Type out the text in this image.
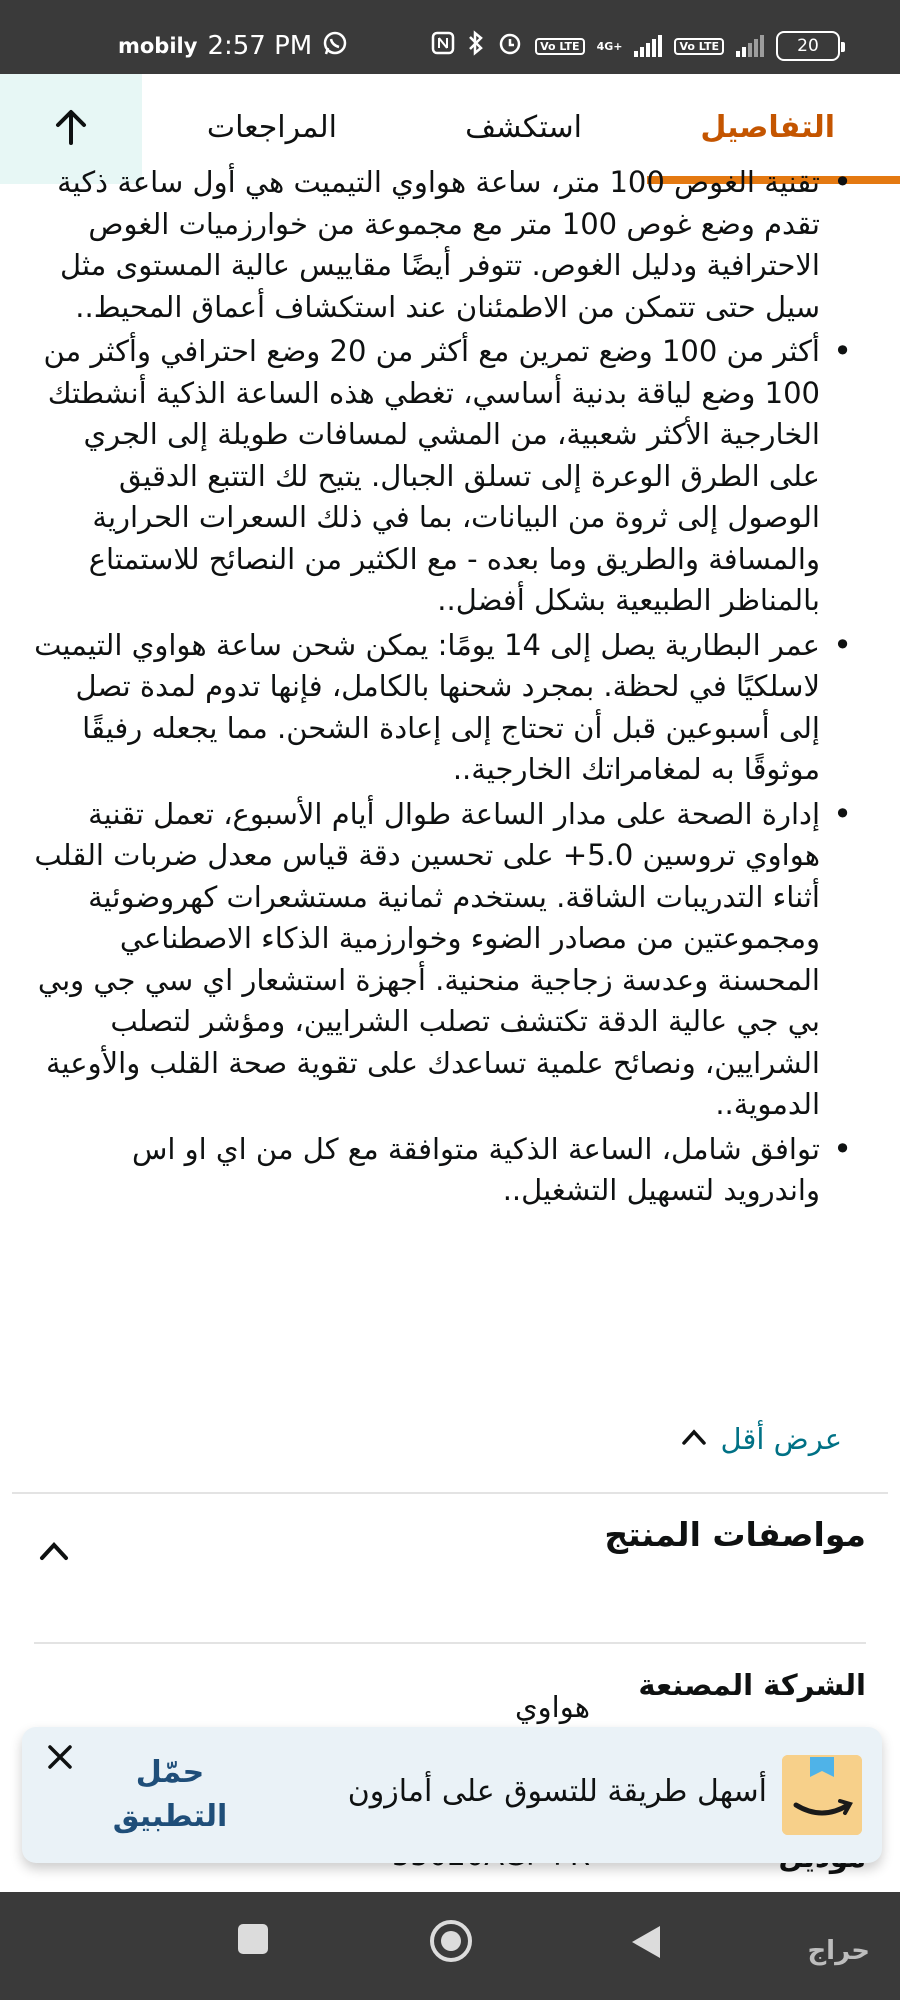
mobily 2:57 PM	Vo LTE	4G+	Vo LTE	20
التفاصيل
استكشف
المراجعات
• تقنية الغوص 100 متر، ساعة هواوي التيميت هي أول ساعة ذكية تقدم وضع غوص 100 متر مع مجموعة من خوارزميات الغوص الاحترافية ودليل الغوص. تتوفر أيضًا مقاييس عالية المستوى مثل سيل حتى تتمكن من الاطمئنان عند استكشاف أعماق المحيط..
• أكثر من 100 وضع تمرين مع أكثر من 20 وضع احترافي وأكثر من 100 وضع لياقة بدنية أساسي، تغطي هذه الساعة الذكية أنشطتك الخارجية الأكثر شعبية، من المشي لمسافات طويلة إلى الجري على الطرق الوعرة إلى تسلق الجبال. يتيح لك التتبع الدقيق الوصول إلى ثروة من البيانات، بما في ذلك السعرات الحرارية والمسافة والطريق وما بعده - مع الكثير من النصائح للاستمتاع بالمناظر الطبيعية بشكل أفضل..
• عمر البطارية يصل إلى 14 يومًا: يمكن شحن ساعة هواوي التيميت لاسلكيًا في لحظة. بمجرد شحنها بالكامل، فإنها تدوم لمدة تصل إلى أسبوعين قبل أن تحتاج إلى إعادة الشحن. مما يجعله رفيقًا موثوقًا به لمغامراتك الخارجية..
• إدارة الصحة على مدار الساعة طوال أيام الأسبوع، تعمل تقنية هواوي تروسين 5.0+ على تحسين دقة قياس معدل ضربات القلب أثناء التدريبات الشاقة. يستخدم ثمانية مستشعرات كهروضوئية ومجموعتين من مصادر الضوء وخوارزمية الذكاء الاصطناعي المحسنة وعدسة زجاجية منحنية. أجهزة استشعار اي سي جي وبي بي جي عالية الدقة تكتشف تصلب الشرايين، ومؤشر لتصلب الشرايين، ونصائح علمية تساعدك على تقوية صحة القلب والأوعية الدموية..
• توافق شامل، الساعة الذكية متوافقة مع كل من اي او اس واندرويد لتسهيل التشغيل..
عرض أقل
مواصفات المنتج
الشركة المصنعة
هواوي
أسهل طريقة للتسوق على أمازون
حمّل التطبيق
حراج
